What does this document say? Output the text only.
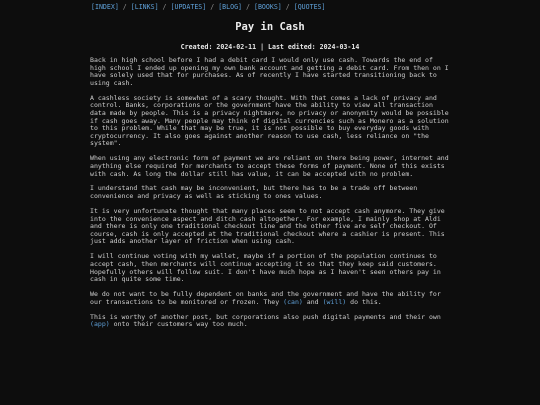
[INDEX] / [LINKS] / [UPDATES] / [BLOG] / [BOOKS] / [QUOTES]
Pay in Cash
Created: 2024-02-11 | Last edited: 2024-03-14

Back in high school before I had a debit card I would only use cash. Towards the end of high school I ended up opening my own bank account and getting a debit card. From then on I have solely used that for purchases. As of recently I have started transitioning back to using cash.

A cashless society is somewhat of a scary thought. With that comes a lack of privacy and control. Banks, corporations or the government have the ability to view all transaction data made by people. This is a privacy nightmare, no privacy or anonymity would be possible if cash goes away. Many people may think of digital currencies such as Monero as a solution to this problem. While that may be true, it is not possible to buy everyday goods with cryptocurrency. It also goes against another reason to use cash, less reliance on "the system".

When using any electronic form of payment we are reliant on there being power, internet and anything else required for merchants to accept these forms of payment. None of this exists with cash. As long the dollar still has value, it can be accepted with no problem.

I understand that cash may be inconvenient, but there has to be a trade off between convenience and privacy as well as sticking to ones values.

It is very unfortunate thought that many places seem to not accept cash anymore. They give into the convenience aspect and ditch cash altogether. For example, I mainly shop at Aldi and there is only one traditional checkout line and the other five are self checkout. Of course, cash is only accepted at the traditional checkout where a cashier is present. This just adds another layer of friction when using cash.

I will continue voting with my wallet, maybe if a portion of the population continues to accept cash, then merchants will continue accepting it so that they keep said customers. Hopefully others will follow suit. I don't have much hope as I haven't seen others pay in cash in quite some time.

We do not want to be fully dependent on banks and the government and have the ability for our transactions to be monitored or frozen. They (can) and (will) do this.

This is worthy of another post, but corporations also push digital payments and their own (app) onto their customers way too much.
